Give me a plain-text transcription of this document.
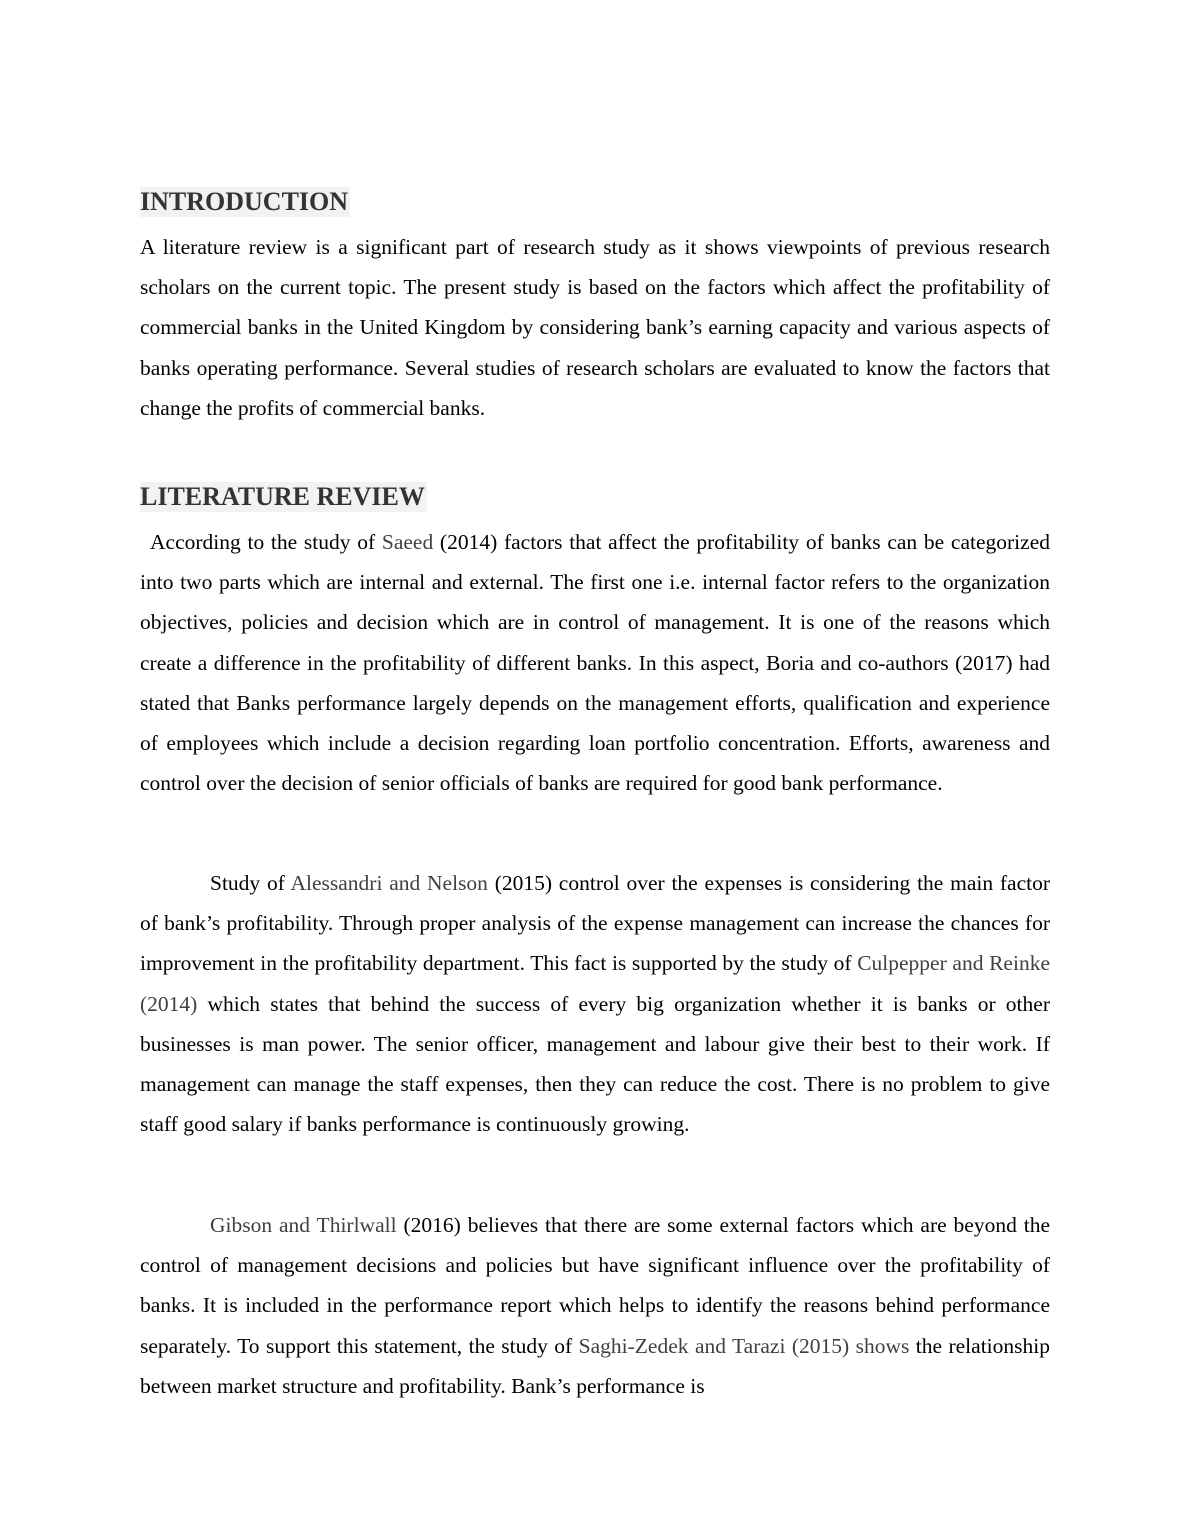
INTRODUCTION

A literature review is a significant part of research study as it shows viewpoints of previous research scholars on the current topic. The present study is based on the factors which affect the profitability of commercial banks in the United Kingdom by considering bank’s earning capacity and various aspects of banks operating performance. Several studies of research scholars are evaluated to know the factors that change the profits of commercial banks.

LITERATURE REVIEW

According to the study of Saeed (2014) factors that affect the profitability of banks can be categorized into two parts which are internal and external. The first one i.e. internal factor refers to the organization objectives, policies and decision which are in control of management. It is one of the reasons which create a difference in the profitability of different banks. In this aspect, Boria and co-authors (2017) had stated that Banks performance largely depends on the management efforts, qualification and experience of employees which include a decision regarding loan portfolio concentration. Efforts, awareness and control over the decision of senior officials of banks are required for good bank performance.

Study of Alessandri and Nelson (2015) control over the expenses is considering the main factor of bank’s profitability. Through proper analysis of the expense management can increase the chances for improvement in the profitability department. This fact is supported by the study of Culpepper and Reinke (2014) which states that behind the success of every big organization whether it is banks or other businesses is man power. The senior officer, management and labour give their best to their work. If management can manage the staff expenses, then they can reduce the cost. There is no problem to give staff good salary if banks performance is continuously growing.

Gibson and Thirlwall (2016) believes that there are some external factors which are beyond the control of management decisions and policies but have significant influence over the profitability of banks. It is included in the performance report which helps to identify the reasons behind performance separately. To support this statement, the study of Saghi-Zedek and Tarazi (2015) shows the relationship between market structure and profitability. Bank’s performance is
